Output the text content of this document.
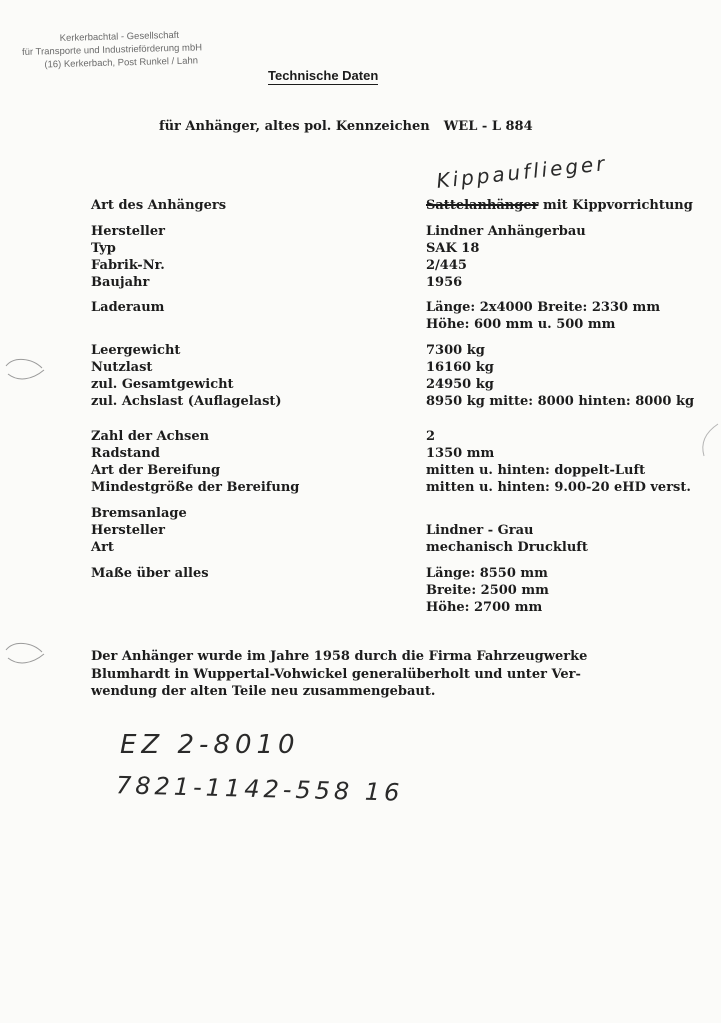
Kerkerbachtal - Gesellschaft
für Transporte und Industrieförderung mbH
(16) Kerkerbach, Post Runkel / Lahn
Technische Daten
für Anhänger, altes pol. Kennzeichen WEL - L 884
Kippauflieger
Art des Anhängers	Sattelanhänger mit Kippvorrichtung
Hersteller	Lindner Anhängerbau
Typ	SAK 18
Fabrik-Nr.	2/445
Baujahr	1956
Laderaum	Länge: 2x4000 Breite: 2330 mm
Höhe: 600 mm u. 500 mm
Leergewicht	7300 kg
Nutzlast	16160 kg
zul. Gesamtgewicht	24950 kg
zul. Achslast (Auflagelast)	8950 kg mitte: 8000 hinten: 8000 kg
Zahl der Achsen	2
Radstand	1350 mm
Art der Bereifung	mitten u. hinten: doppelt-Luft
Mindestgröße der Bereifung	mitten u. hinten: 9.00-20 eHD verst.
Bremsanlage
Hersteller	Lindner - Grau
Art	mechanisch Druckluft
Maße über alles	Länge: 8550 mm
Breite: 2500 mm
Höhe: 2700 mm
Der Anhänger wurde im Jahre 1958 durch die Firma Fahrzeugwerke
Blumhardt in Wuppertal-Vohwickel generalüberholt und unter Ver-
wendung der alten Teile neu zusammengebaut.
EZ 2-8010
7821-1142-558 16
